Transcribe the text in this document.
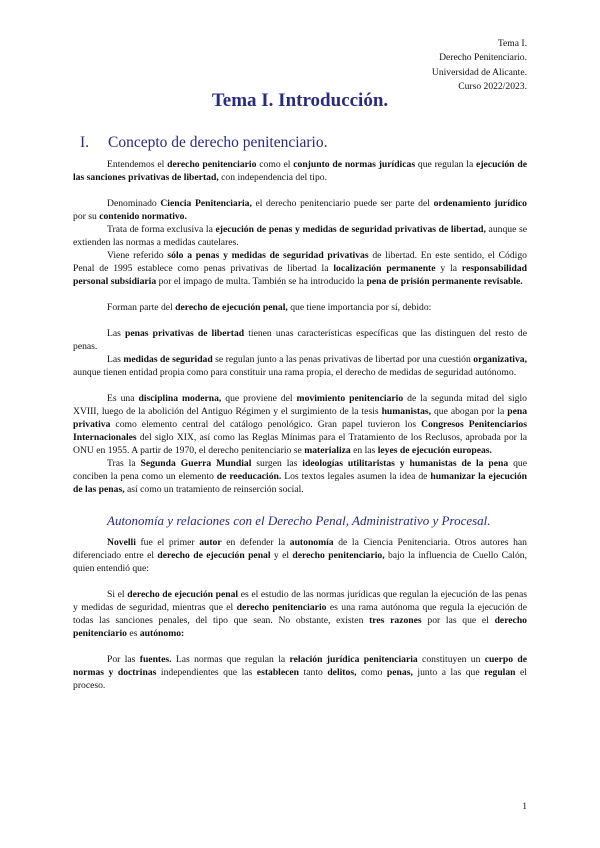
Tema I.
Derecho Penitenciario.
Universidad de Alicante.
Curso 2022/2023.
Tema I. Introducción.
I. Concepto de derecho penitenciario.

Entendemos el derecho penitenciario como el conjunto de normas jurídicas que regulan la ejecución de las sanciones privativas de libertad, con independencia del tipo.

Denominado Ciencia Penitenciaria, el derecho penitenciario puede ser parte del ordenamiento jurídico por su contenido normativo.

Trata de forma exclusiva la ejecución de penas y medidas de seguridad privativas de libertad, aunque se extienden las normas a medidas cautelares.

Viene referido sólo a penas y medidas de seguridad privativas de libertad. En este sentido, el Código Penal de 1995 establece como penas privativas de libertad la localización permanente y la responsabilidad personal subsidiaria por el impago de multa. También se ha introducido la pena de prisión permanente revisable.

Forman parte del derecho de ejecución penal, que tiene importancia por sí, debido:

Las penas privativas de libertad tienen unas características específicas que las distinguen del resto de penas.

Las medidas de seguridad se regulan junto a las penas privativas de libertad por una cuestión organizativa, aunque tienen entidad propia como para constituir una rama propia, el derecho de medidas de seguridad autónomo.

Es una disciplina moderna, que proviene del movimiento penitenciario de la segunda mitad del siglo XVIII, luego de la abolición del Antiguo Régimen y el surgimiento de la tesis humanistas, que abogan por la pena privativa como elemento central del catálogo penológico. Gran papel tuvieron los Congresos Penitenciarios Internacionales del siglo XIX, así como las Reglas Mínimas para el Tratamiento de los Reclusos, aprobada por la ONU en 1955. A partir de 1970, el derecho penitenciario se materializa en las leyes de ejecución europeas.

Tras la Segunda Guerra Mundial surgen las ideologías utilitaristas y humanistas de la pena que conciben la pena como un elemento de reeducación. Los textos legales asumen la idea de humanizar la ejecución de las penas, así como un tratamiento de reinserción social.

Autonomía y relaciones con el Derecho Penal, Administrativo y Procesal.

Novelli fue el primer autor en defender la autonomía de la Ciencia Penitenciaria. Otros autores han diferenciado entre el derecho de ejecución penal y el derecho penitenciario, bajo la influencia de Cuello Calón, quien entendió que:

Si el derecho de ejecución penal es el estudio de las normas jurídicas que regulan la ejecución de las penas y medidas de seguridad, mientras que el derecho penitenciario es una rama autónoma que regula la ejecución de todas las sanciones penales, del tipo que sean. No obstante, existen tres razones por las que el derecho penitenciario es autónomo:

Por las fuentes. Las normas que regulan la relación jurídica penitenciaria constituyen un cuerpo de normas y doctrinas independientes que las establecen tanto delitos, como penas, junto a las que regulan el proceso.

1
